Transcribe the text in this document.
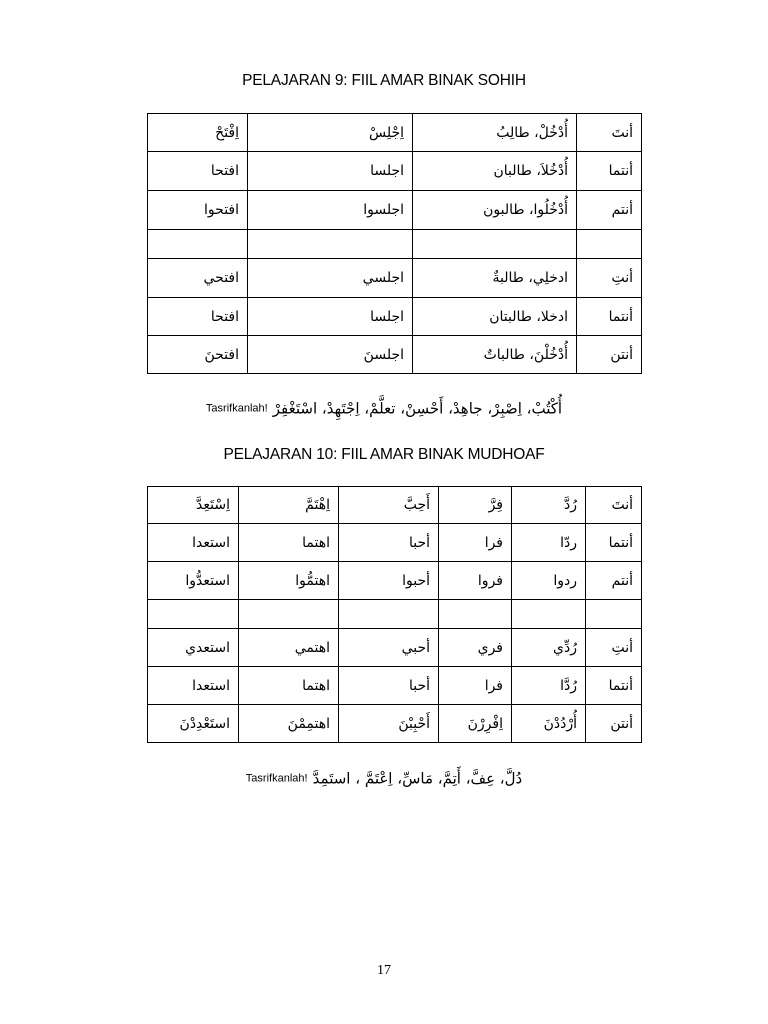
PELAJARAN 9: FIIL AMAR BINAK SOHIH
اِفْتَحْ	اِجْلِسْ	أُدْخُلْ، طالِبُ	أنتَ
افتحا	اجلسا	أُدْخُلاَ، طالبان	أنتما
افتحوا	اجلسوا	أُدْخُلُوا، طالبون	أنتم

افتحي	اجلسي	ادخلِي، طالبةٌ	أنتِ
افتحا	اجلسا	ادخلا، طالبتان	أنتما
افتحنَ	اجلسنَ	أُدْخُلْنَ، طالباتٌ	أنتن
Tasrifkanlah! أُكْتُبْ، اِصْبِرْ، جاهِدْ، أَحْسِنْ، تعلَّمْ، اِجْتَهِدْ، اسْتَغْفِرْ
PELAJARAN 10: FIIL AMAR BINAK MUDHOAF
اِسْتَعِدَّ	اِهْتَمَّ	أَحِبَّ	فِرَّ	رُدَّ	أنتَ
استعدا	اهتما	أحبا	فرا	ردّا	أنتما
استعدُّوا	اهتمُّوا	أحبوا	فروا	ردوا	أنتم

استعدي	اهتمي	أحبي	فري	رُدِّي	أنتِ
استعدا	اهتما	أحبا	فرا	رُدَّا	أنتما
استَعْدِدْنَ	اهتمِمْنَ	أَحْبِبْنَ	اِفْرِرْنَ	أُرْدُدْنَ	أنتن
Tasrifkanlah! دُلَّ، عِفَّ، أَتِمَّ، مَاسِّ، اِعْتَمَّ ، استَمِدَّ
17
